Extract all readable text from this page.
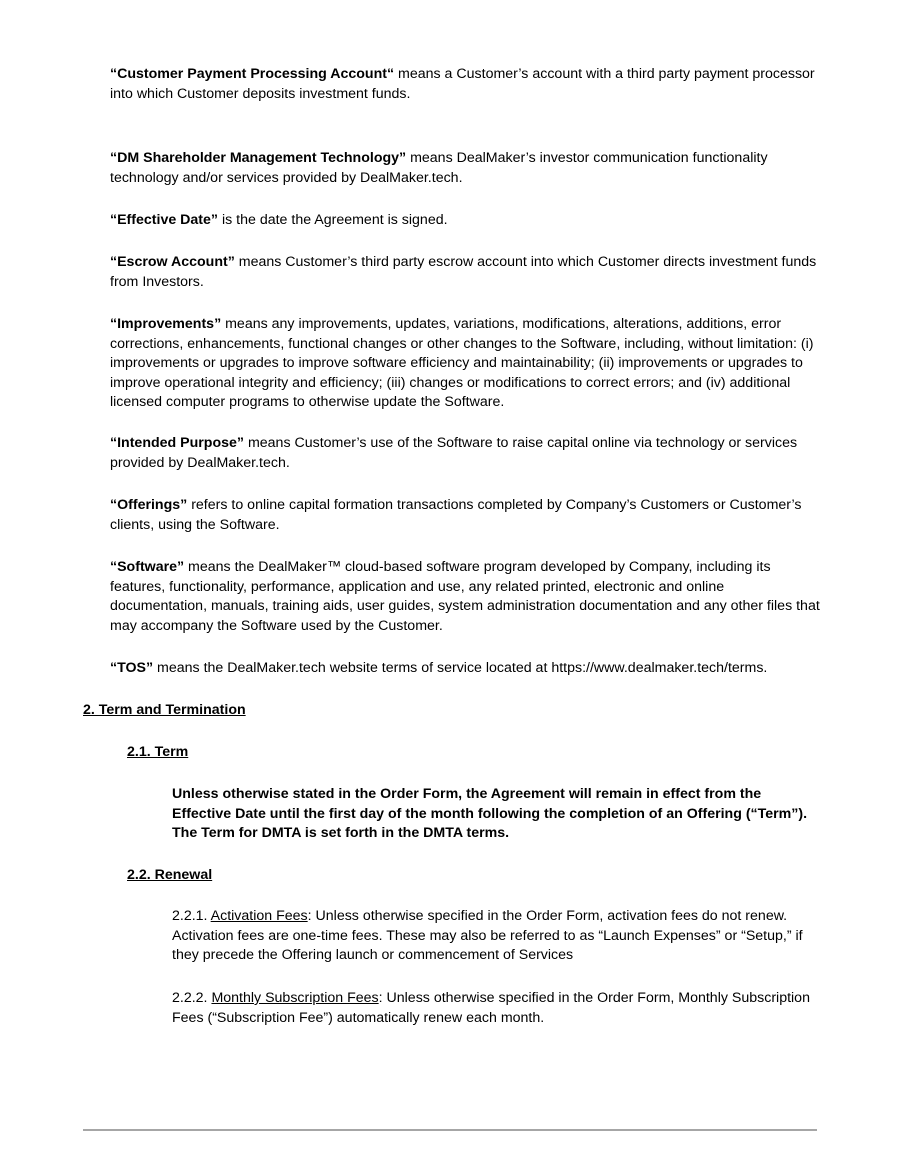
“Customer Payment Processing Account“ means a Customer’s account with a third party payment processor into which Customer deposits investment funds.

“DM Shareholder Management Technology” means DealMaker’s investor communication functionality technology and/or services provided by DealMaker.tech.

“Effective Date” is the date the Agreement is signed.

“Escrow Account” means Customer’s third party escrow account into which Customer directs investment funds from Investors.

“Improvements” means any improvements, updates, variations, modifications, alterations, additions, error corrections, enhancements, functional changes or other changes to the Software, including, without limitation: (i) improvements or upgrades to improve software efficiency and maintainability; (ii) improvements or upgrades to improve operational integrity and efficiency; (iii) changes or modifications to correct errors; and (iv) additional licensed computer programs to otherwise update the Software.

“Intended Purpose” means Customer’s use of the Software to raise capital online via technology or services provided by DealMaker.tech.

“Offerings” refers to online capital formation transactions completed by Company’s Customers or Customer’s clients, using the Software.

“Software” means the DealMaker™ cloud-based software program developed by Company, including its features, functionality, performance, application and use, any related printed, electronic and online documentation, manuals, training aids, user guides, system administration documentation and any other files that may accompany the Software used by the Customer.

“TOS” means the DealMaker.tech website terms of service located at https://www.dealmaker.tech/terms.

2. Term and Termination
2.1. Term

Unless otherwise stated in the Order Form, the Agreement will remain in effect from the Effective Date until the first day of the month following the completion of an Offering (“Term”). The Term for DMTA is set forth in the DMTA terms.

2.2. Renewal

2.2.1. Activation Fees: Unless otherwise specified in the Order Form, activation fees do not renew. Activation fees are one-time fees. These may also be referred to as “Launch Expenses” or “Setup,” if they precede the Offering launch or commencement of Services

2.2.2. Monthly Subscription Fees: Unless otherwise specified in the Order Form, Monthly Subscription Fees (“Subscription Fee”) automatically renew each month.
